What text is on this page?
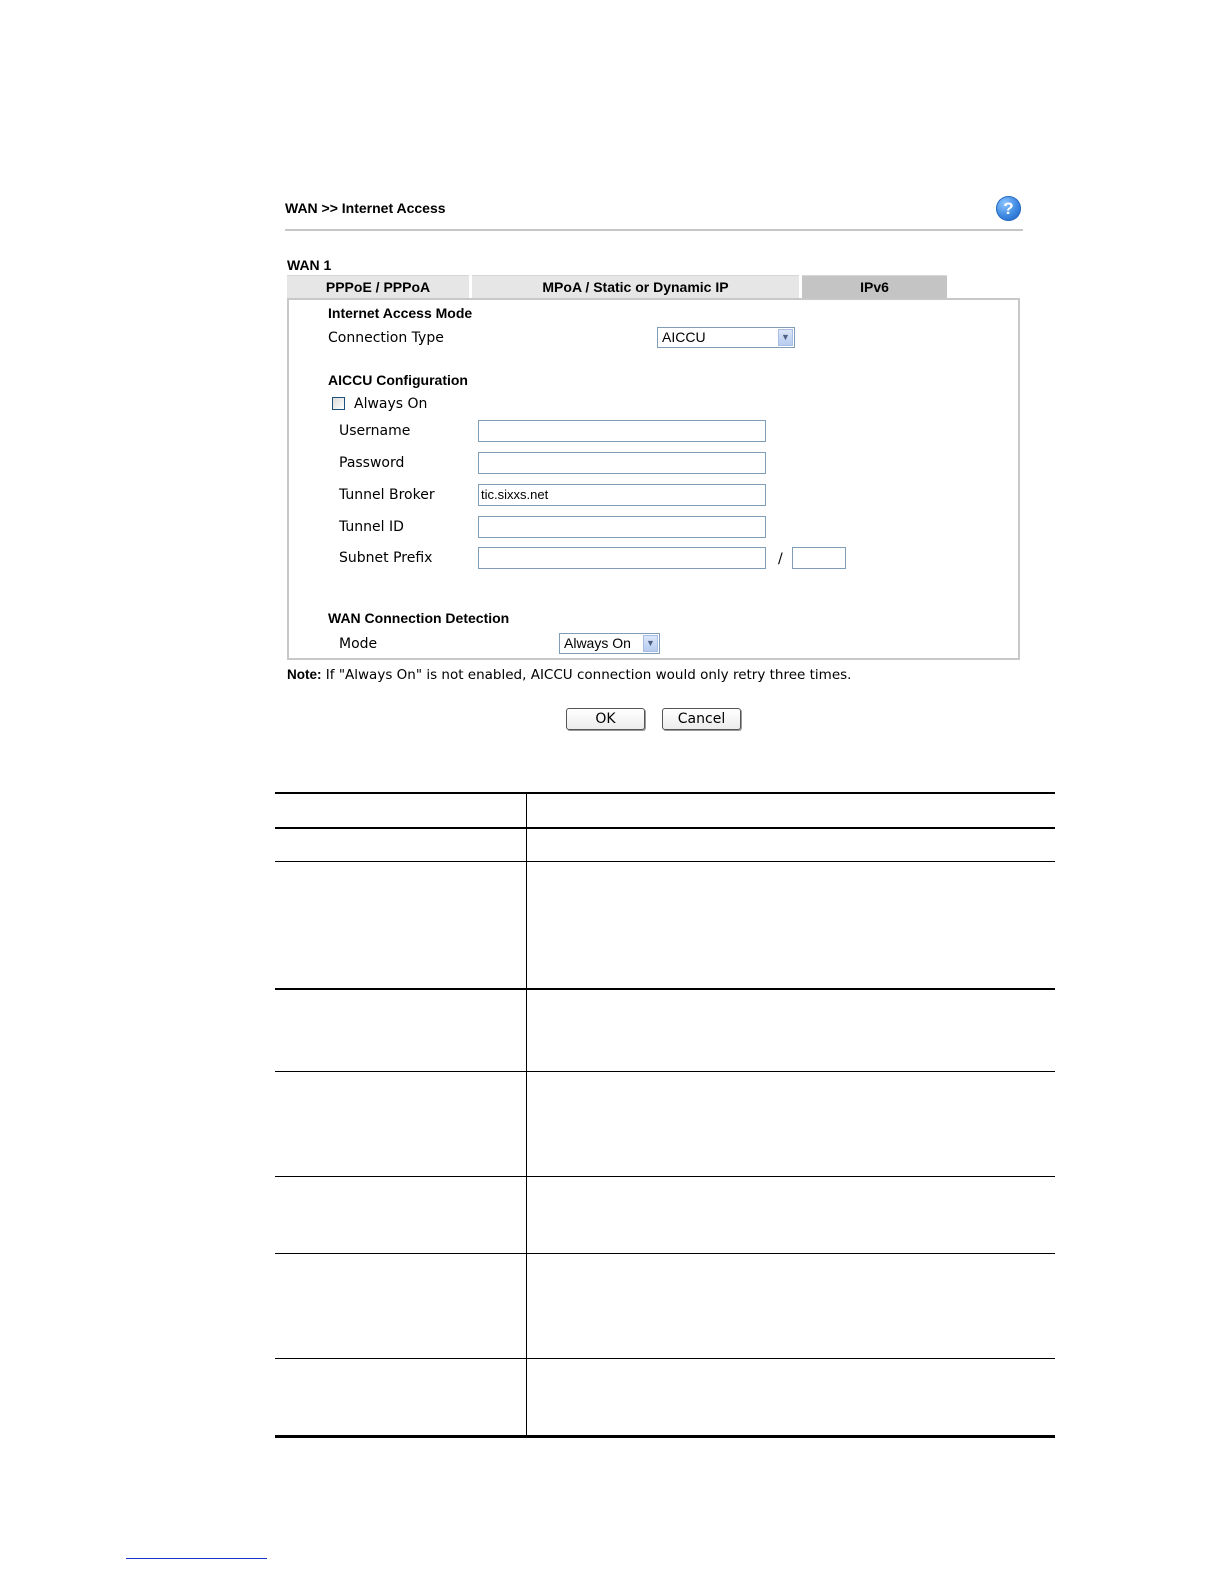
WAN >> Internet Access	?
WAN 1
PPPoE / PPPoA	MPoA / Static or Dynamic IP	IPv6
Internet Access Mode
Connection Type	AICCU	▼
AICCU Configuration
Always On
Username
Password
Tunnel Broker	tic.sixxs.net
Tunnel ID
Subnet Prefix	/
WAN Connection Detection
Mode	Always On	▼
Note: If "Always On" is not enabled, AICCU connection would only retry three times.
OK	Cancel
